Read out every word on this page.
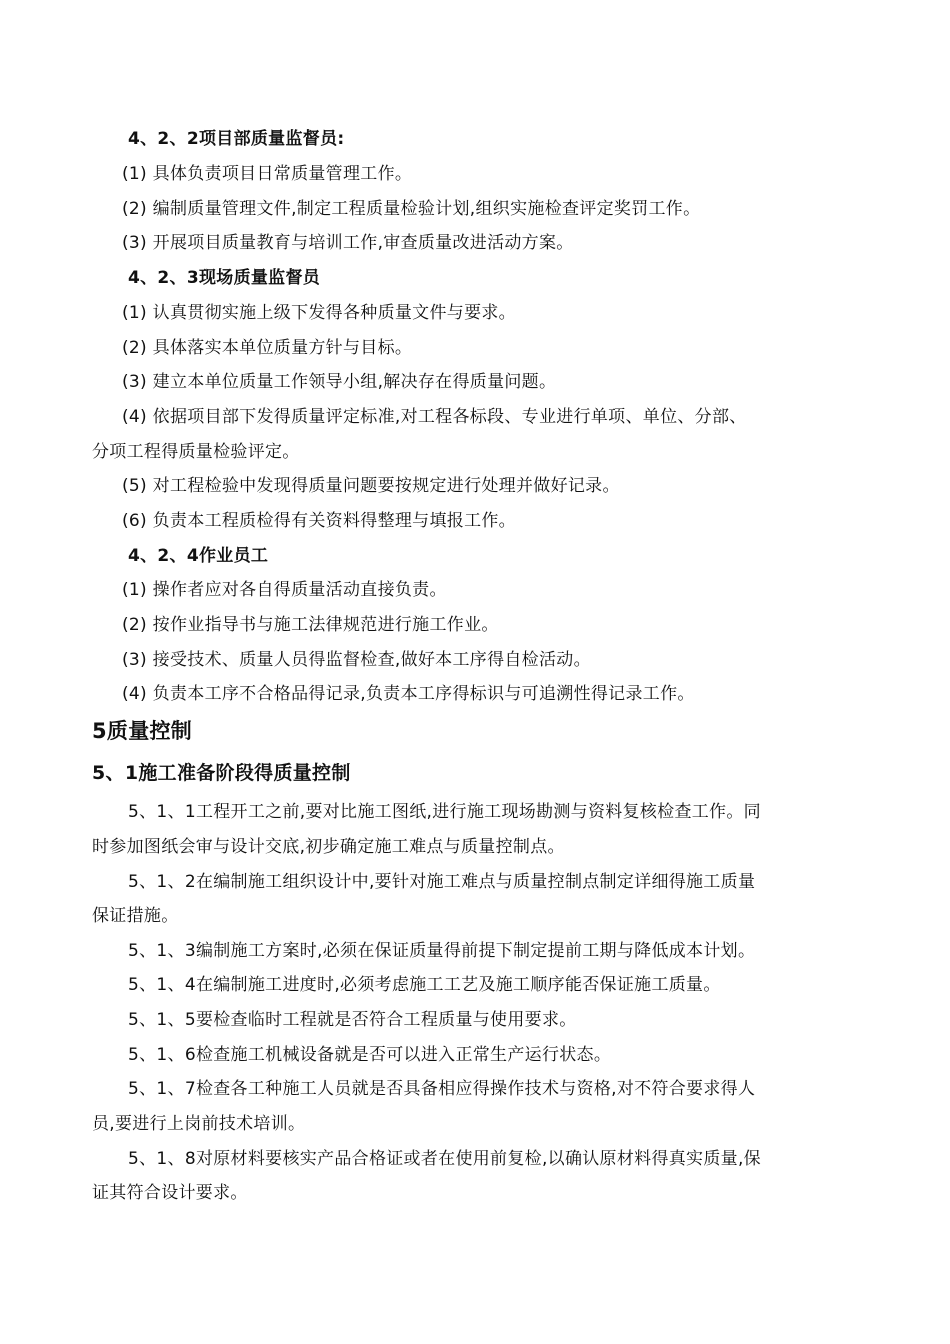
4、2、2项目部质量监督员:
(1) 具体负责项目日常质量管理工作。
(2) 编制质量管理文件,制定工程质量检验计划,组织实施检查评定奖罚工作。
(3) 开展项目质量教育与培训工作,审查质量改进活动方案。
4、2、3现场质量监督员
(1) 认真贯彻实施上级下发得各种质量文件与要求。
(2) 具体落实本单位质量方针与目标。
(3) 建立本单位质量工作领导小组,解决存在得质量问题。
(4) 依据项目部下发得质量评定标准,对工程各标段、专业进行单项、单位、分部、
分项工程得质量检验评定。
(5) 对工程检验中发现得质量问题要按规定进行处理并做好记录。
(6) 负责本工程质检得有关资料得整理与填报工作。
4、2、4作业员工
(1) 操作者应对各自得质量活动直接负责。
(2) 按作业指导书与施工法律规范进行施工作业。
(3) 接受技术、质量人员得监督检查,做好本工序得自检活动。
(4) 负责本工序不合格品得记录,负责本工序得标识与可追溯性得记录工作。
5质量控制
5、1施工准备阶段得质量控制
5、1、1工程开工之前,要对比施工图纸,进行施工现场勘测与资料复核检查工作。同
时参加图纸会审与设计交底,初步确定施工难点与质量控制点。
5、1、2在编制施工组织设计中,要针对施工难点与质量控制点制定详细得施工质量
保证措施。
5、1、3编制施工方案时,必须在保证质量得前提下制定提前工期与降低成本计划。
5、1、4在编制施工进度时,必须考虑施工工艺及施工顺序能否保证施工质量。
5、1、5要检查临时工程就是否符合工程质量与使用要求。
5、1、6检查施工机械设备就是否可以进入正常生产运行状态。
5、1、7检查各工种施工人员就是否具备相应得操作技术与资格,对不符合要求得人
员,要进行上岗前技术培训。
5、1、8对原材料要核实产品合格证或者在使用前复检,以确认原材料得真实质量,保
证其符合设计要求。
